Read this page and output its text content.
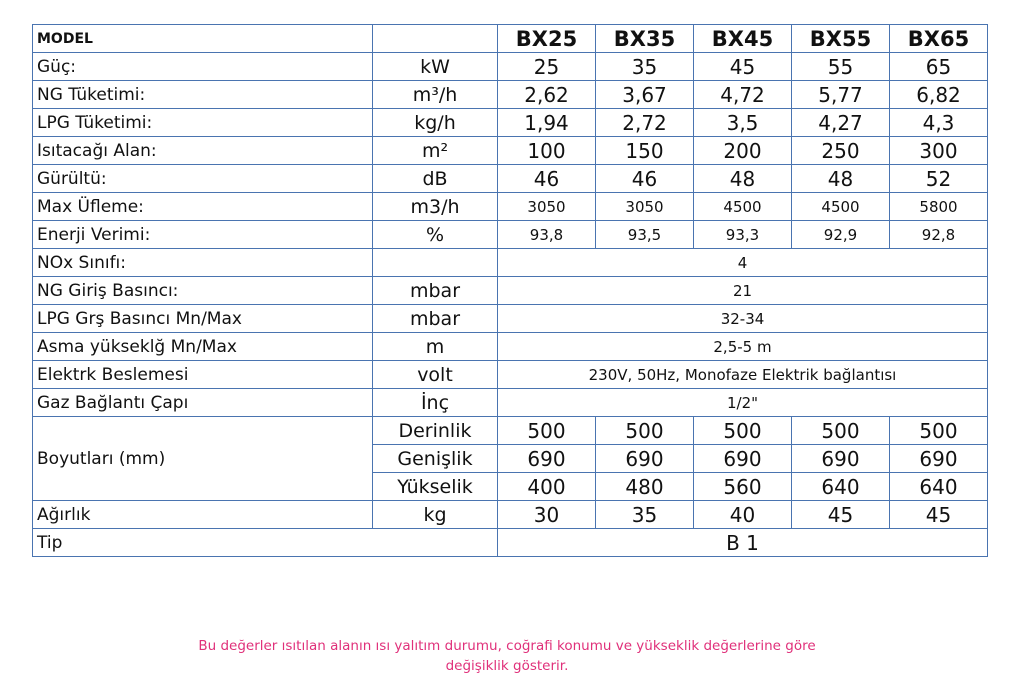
MODEL		BX25	BX35	BX45	BX55	BX65
Güç:	kW	25	35	45	55	65
NG Tüketimi:	m³/h	2,62	3,67	4,72	5,77	6,82
LPG Tüketimi:	kg/h	1,94	2,72	3,5	4,27	4,3
Isıtacağı Alan:	m²	100	150	200	250	300
Gürültü:	dB	46	46	48	48	52
Max Üfleme:	m3/h	3050	3050	4500	4500	5800
Enerji Verimi:	%	93,8	93,5	93,3	92,9	92,8
NOx Sınıfı:		4				
NG Giriş Basıncı:	mbar	21				
LPG Grş Basıncı Mn/Max	mbar	32-34				
Asma yükseklğ Mn/Max	m	2,5-5 m				
Elektrk Beslemesi	volt	230V, 50Hz, Monofaze Elektrik bağlantısı				
Gaz Bağlantı Çapı	İnç	1/2"				
Boyutları (mm)	Derinlik	500	500	500	500	500
	Genişlik	690	690	690	690	690
	Yükselik	400	480	560	640	640
Ağırlık	kg	30	35	40	45	45
Tip		B 1				
Bu değerler ısıtılan alanın ısı yalıtım durumu, coğrafi konumu ve yükseklik değerlerine göre
değişiklik gösterir.
